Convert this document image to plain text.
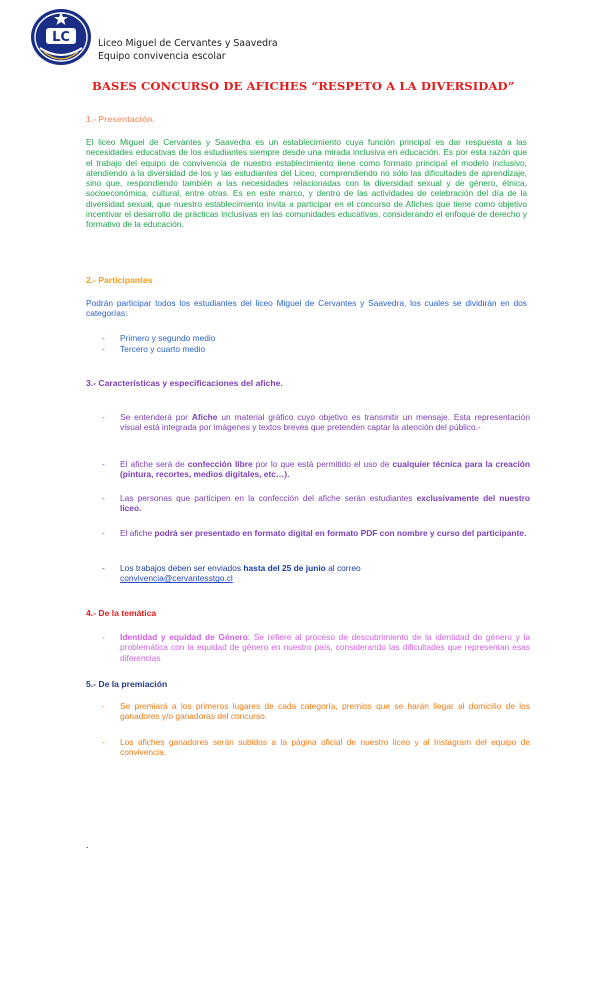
LC	Liceo Miguel de Cervantes y Saavedra
Equipo convivencia escolar
BASES CONCURSO DE AFICHES “RESPETO A LA DIVERSIDAD”
1.- Presentación.
El liceo Miguel de Cervantes y Saavedra es un establecimiento cuya función principal es dar respuesta a las necesidades educativas de los estudiantes siempre desde una mirada inclusiva en educación. Es por esta razón que el trabajo del equipo de convivencia de nuestro establecimiento tiene como formato principal el modelo inclusivo, atendiendo a la diversidad de los y las estudiantes del Liceo, comprendiendo no sólo las dificultades de aprendizaje, sino que, respondiendo también a las necesidades relacionadas con la diversidad sexual y de género, étnica, socioeconómica, cultural, entre otras. Es en este marco, y dentro de las actividades de celebración del día de la diversidad sexual, que nuestro establecimiento invita a participar en el concurso de Afiches que tiene como objetivo incentivar el desarrollo de prácticas inclusivas en las comunidades educativas, considerando el enfoque de derecho y formativo de la educación.
2.- Participantes
Podrán participar todos los estudiantes del liceo Miguel de Cervantes y Saavedra, los cuales se dividirán en dos categorías:
- Primero y segundo medio
- Tercero y cuarto medio
3.- Características y especificaciones del afiche.
- Se entenderá por Afiche un material gráfico cuyo objetivo es transmitir un mensaje. Esta representación visual está integrada por imágenes y textos breves que pretenden captar la atención del público.-
- El afiche será de confección libre por lo que está permitido el uso de cualquier técnica para la creación (pintura, recortes, medios digitales, etc…).
- Las personas que participen en la confección del afiche serán estudiantes exclusivamente del nuestro liceo.
- El afiche podrá ser presentado en formato digital en formato PDF con nombre y curso del participante.
- Los trabajos deben ser enviados hasta del 25 de junio al correo
convivencia@cervantesstgo.cl
4.- De la temática
- Identidad y equidad de Género: Se refiere al proceso de descubrimiento de la identidad de género y la problemática con la equidad de género en nuestro país, considerando las dificultades que representan esas diferencias
5.- De la premiación
- Se premiará a los primeros lugares de cada categoría, premios que se harán llegar al domicilio de los ganadores y/o ganadoras del concurso.
- Los afiches ganadores serán subidos a la página oficial de nuestro liceo y al Instagram del equipo de convivencia.
.
